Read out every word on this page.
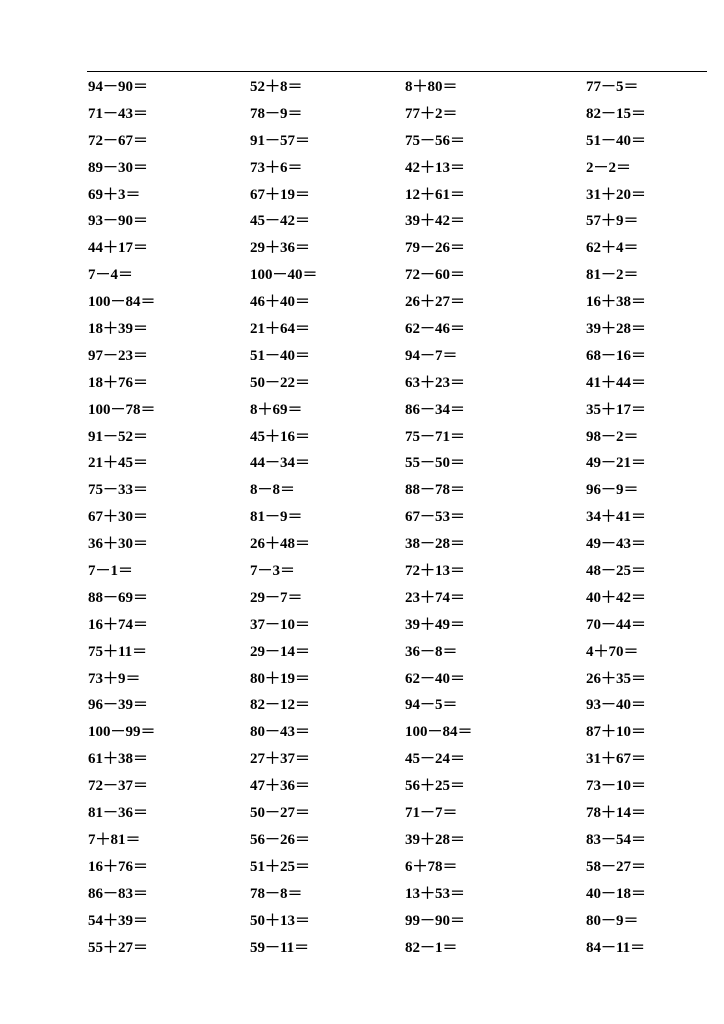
94－90＝	52＋8＝	8＋80＝	77－5＝
71－43＝	78－9＝	77＋2＝	82－15＝
72－67＝	91－57＝	75－56＝	51－40＝
89－30＝	73＋6＝	42＋13＝	2－2＝
69＋3＝	67＋19＝	12＋61＝	31＋20＝
93－90＝	45－42＝	39＋42＝	57＋9＝
44＋17＝	29＋36＝	79－26＝	62＋4＝
7－4＝	100－40＝	72－60＝	81－2＝
100－84＝	46＋40＝	26＋27＝	16＋38＝
18＋39＝	21＋64＝	62－46＝	39＋28＝
97－23＝	51－40＝	94－7＝	68－16＝
18＋76＝	50－22＝	63＋23＝	41＋44＝
100－78＝	8＋69＝	86－34＝	35＋17＝
91－52＝	45＋16＝	75－71＝	98－2＝
21＋45＝	44－34＝	55－50＝	49－21＝
75－33＝	8－8＝	88－78＝	96－9＝
67＋30＝	81－9＝	67－53＝	34＋41＝
36＋30＝	26＋48＝	38－28＝	49－43＝
7－1＝	7－3＝	72＋13＝	48－25＝
88－69＝	29－7＝	23＋74＝	40＋42＝
16＋74＝	37－10＝	39＋49＝	70－44＝
75＋11＝	29－14＝	36－8＝	4＋70＝
73＋9＝	80＋19＝	62－40＝	26＋35＝
96－39＝	82－12＝	94－5＝	93－40＝
100－99＝	80－43＝	100－84＝	87＋10＝
61＋38＝	27＋37＝	45－24＝	31＋67＝
72－37＝	47＋36＝	56＋25＝	73－10＝
81－36＝	50－27＝	71－7＝	78＋14＝
7＋81＝	56－26＝	39＋28＝	83－54＝
16＋76＝	51＋25＝	6＋78＝	58－27＝
86－83＝	78－8＝	13＋53＝	40－18＝
54＋39＝	50＋13＝	99－90＝	80－9＝
55＋27＝	59－11＝	82－1＝	84－11＝
